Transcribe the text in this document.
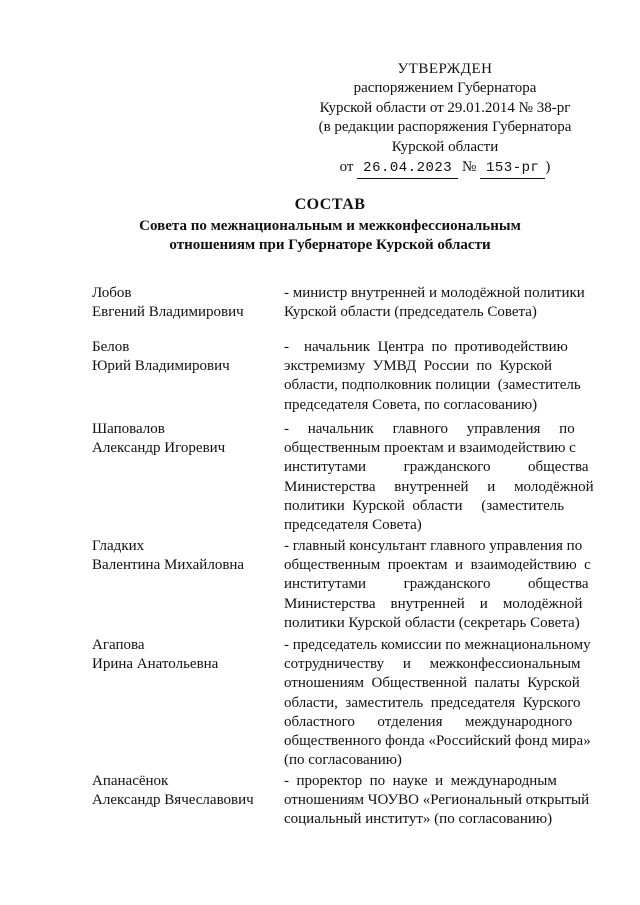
УТВЕРЖДЕН
распоряжением Губернатора
Курской области от 29.01.2014 № 38-рг
(в редакции распоряжения Губернатора
Курской области
от 26.04.2023 № 153-рг )
СОСТАВ
Совета по межнациональным и межконфессиональным
отношениям при Губернаторе Курской области
Лобов
Евгений Владимирович
- министр внутренней и молодёжной политики
Курской области (председатель Совета)
Белов
Юрий Владимирович
-    начальник  Центра  по  противодействию
экстремизму  УМВД  России  по  Курской
области, подполковник полиции  (заместитель
председателя Совета, по согласованию)
Шаповалов
Александр Игоревич
-     начальник     главного     управления     по
общественным проектам и взаимодействию с
институтами          гражданского          общества
Министерства     внутренней     и     молодёжной
политики  Курской  области     (заместитель
председателя Совета)
Гладких
Валентина Михайловна
- главный консультант главного управления по
общественным  проектам  и  взаимодействию  с
институтами          гражданского          общества
Министерства    внутренней    и    молодёжной
политики Курской области (секретарь Совета)
Агапова
Ирина Анатольевна
- председатель комиссии по межнациональному
сотрудничеству     и     межконфессиональным
отношениям  Общественной  палаты  Курской
области,  заместитель  председателя  Курского
областного      отделения      международного
общественного фонда «Российский фонд мира»
(по согласованию)
Апанасёнок
Александр Вячеславович
-  проректор  по  науке  и  международным
отношениям ЧОУВО «Региональный открытый
социальный институт» (по согласованию)
